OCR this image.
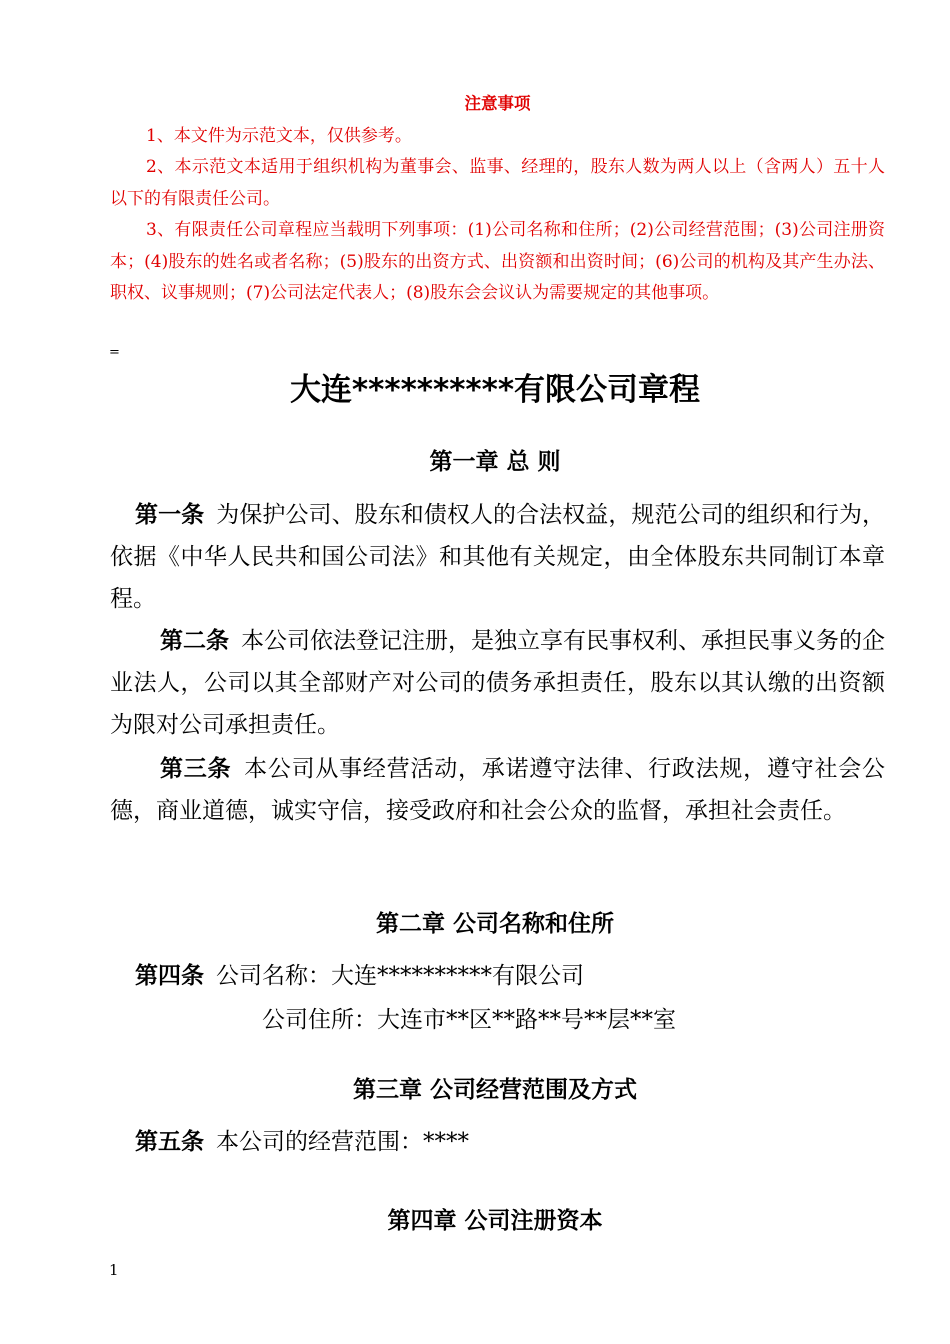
注意事项

1、本文件为示范文本，仅供参考。

2、本示范文本适用于组织机构为董事会、监事、经理的，股东人数为两人以上（含两人）五十人以下的有限责任公司。

3、有限责任公司章程应当载明下列事项：(1)公司名称和住所；(2)公司经营范围；(3)公司注册资本；(4)股东的姓名或者名称；(5)股东的出资方式、出资额和出资时间；(6)公司的机构及其产生办法、职权、议事规则；(7)公司法定代表人；(8)股东会会议认为需要规定的其他事项。

=
大连**********有限公司章程
第一章 总 则

第一条 为保护公司、股东和债权人的合法权益，规范公司的组织和行为，依据《中华人民共和国公司法》和其他有关规定，由全体股东共同制订本章程。

第二条 本公司依法登记注册，是独立享有民事权利、承担民事义务的企业法人，公司以其全部财产对公司的债务承担责任，股东以其认缴的出资额为限对公司承担责任。

第三条 本公司从事经营活动，承诺遵守法律、行政法规，遵守社会公德，商业道德，诚实守信，接受政府和社会公众的监督，承担社会责任。

第二章 公司名称和住所

第四条 公司名称：大连**********有限公司

公司住所：大连市**区**路**号**层**室

第三章 公司经营范围及方式

第五条 本公司的经营范围：****

第四章 公司注册资本
1
